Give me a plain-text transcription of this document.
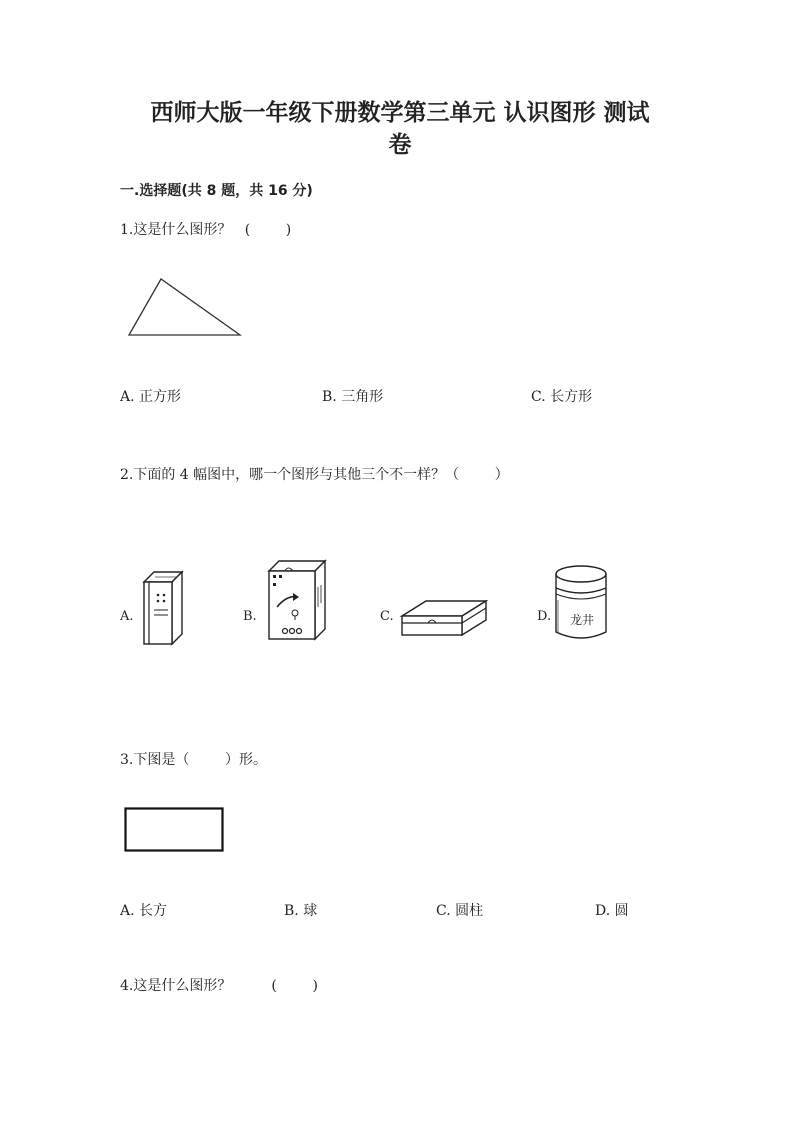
西师大版一年级下册数学第三单元 认识图形 测试
卷
一.选择题(共 8 题，共 16 分)
1.这是什么图形？   (        )
A. 正方形	B. 三角形	C. 长方形
2.下面的 4 幅图中，哪一个图形与其他三个不一样？（        ）
A.	B.	C.	D. 龙井
3.下图是（        ）形。
A. 长方	B. 球	C. 圆柱	D. 圆
4.这是什么图形？         (        )
